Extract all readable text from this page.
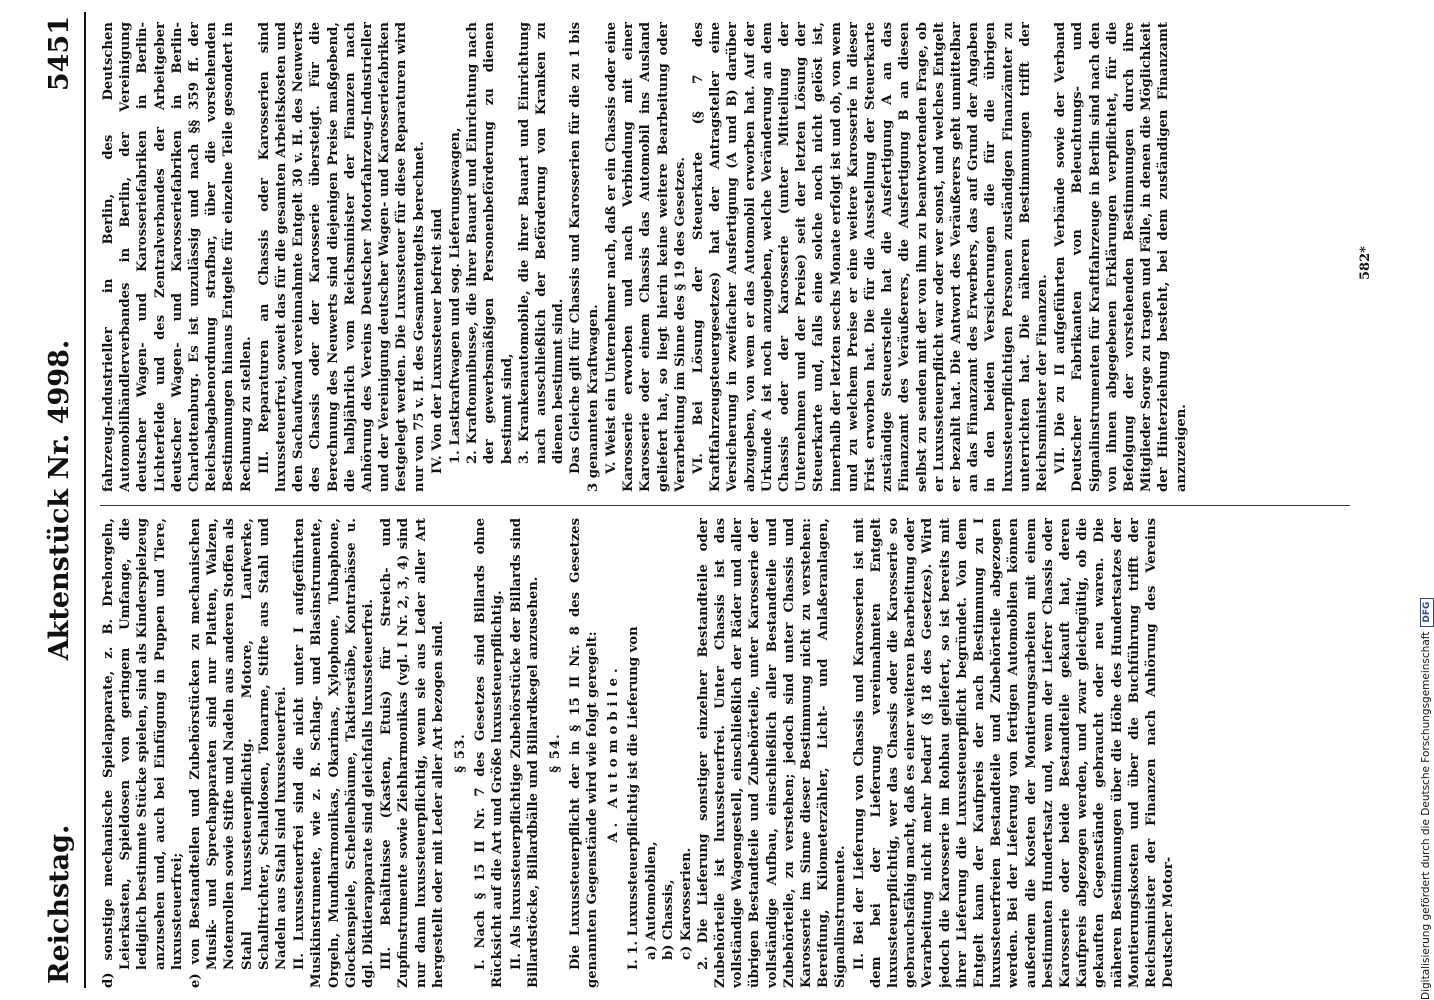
Reichstag.
Aktenstück Nr. 4998.
5451

d) sonstige mechanische Spielapparate, z. B. Drehorgeln, Leierkasten, Spieldosen von geringem Umfange, die lediglich bestimmte Stücke spielen, sind als Kinderspielzeug anzusehen und, auch bei Einfügung in Puppen und Tiere, luxussteuerfrei; e) von Bestandteilen und Zubehörstücken zu mechanischen Musik- und Sprechapparaten sind nur Platten, Walzen, Notenrollen sowie Stifte und Nadeln aus anderen Stoffen als Stahl luxussteuerpflichtig. Motore, Laufwerke, Schalltrichter, Schalldosen, Tonarme, Stifte aus Stahl und Nadeln aus Stahl sind luxussteuerfrei. II. Luxussteuerfrei sind die nicht unter I aufgeführten Musikinstrumente, wie z. B. Schlag- und Blasinstrumente, Orgeln, Mundharmonikas, Okarinas, Xylophone, Tubaphone, Glockenspiele, Schellenbäume, Taktierstäbe, Kontrabässe u. dgl. Diktierapparate sind gleichfalls luxussteuerfrei. III. Behältnisse (Kasten, Etuis) für Streich- und Zupfinstrumente sowie Ziehharmonikas (vgl. I Nr. 2, 3, 4) sind nur dann luxussteuerpflichtig, wenn sie aus Leder aller Art hergestellt oder mit Leder aller Art bezogen sind. § 53. I. Nach § 15 II Nr. 7 des Gesetzes sind Billards ohne Rücksicht auf die Art und Größe luxussteuerpflichtig. II. Als luxussteuerpflichtige Zubehörstücke der Billards sind Billardstöcke, Billardbälle und Billardkegel anzusehen. § 54. Die Luxussteuerpflicht der in § 15 II Nr. 8 des Gesetzes genannten Gegenstände wird wie folgt geregelt: A. Automobile. I. 1. Luxussteuerpflichtig ist die Lieferung von a) Automobilen, b) Chassis, c) Karosserien. 2. Die Lieferung sonstiger einzelner Bestandteile oder Zubehörteile ist luxussteuerfrei. Unter Chassis ist das vollständige Wagengestell, einschließlich der Räder und aller übrigen Bestandteile und Zubehörteile, unter Karosserie der vollständige Aufbau, einschließlich aller Bestandteile und Zubehörteile, zu verstehen; jedoch sind unter Chassis und Karosserie im Sinne dieser Bestimmung nicht zu verstehen: Bereifung, Kilometerzähler, Licht- und Anlaßeranlagen, Signalinstrumente. II. Bei der Lieferung von Chassis und Karosserien ist mit dem bei der Lieferung vereinnahmten Entgelt luxussteuerpflichtig, wer das Chassis oder die Karosserie so gebrauchsfähig macht, daß es einer weiteren Bearbeitung oder Verarbeitung nicht mehr bedarf (§ 18 des Gesetzes). Wird jedoch die Karosserie im Rohbau geliefert, so ist bereits mit ihrer Lieferung die Luxussteuerpflicht begründet. Von dem Entgelt kann der Kaufpreis der nach Bestimmung zu I luxussteuerfreien Bestandteile und Zubehörteile abgezogen werden. Bei der Lieferung von fertigen Automobilen können außerdem die Kosten der Montierungsarbeiten mit einem bestimmten Hundertsatz und, wenn der Liefrer Chassis oder Karosserie oder beide Bestandteile gekauft hat, deren Kaufpreis abgezogen werden, und zwar gleichgültig, ob die gekauften Gegenstände gebraucht oder neu waren. Die näheren Bestimmungen über die Höhe des Hundertsatzes der Montierungskosten und über die Buchführung trifft der Reichsminister der Finanzen nach Anhörung des Vereins Deutscher Motor-

fahrzeug-Industrieller in Berlin, des Deutschen Automobilhändlerverbandes in Berlin, der Vereinigung deutscher Wagen- und Karosseriefabriken in Berlin-Lichterfelde und des Zentralverbandes der Arbeitgeber deutscher Wagen- und Karosseriefabriken in Berlin-Charlottenburg. Es ist unzulässig und nach §§ 359 ff. der Reichsabgabenordnung strafbar, über die vorstehenden Bestimmungen hinaus Entgelte für einzelne Teile gesondert in Rechnung zu stellen. III. Reparaturen an Chassis oder Karosserien sind luxussteuerfrei, soweit das für die gesamten Arbeitskosten und den Sachaufwand vereinnahmte Entgelt 30 v. H. des Neuwerts des Chassis oder der Karosserie übersteigt. Für die Berechnung des Neuwerts sind diejenigen Preise maßgebend, die halbjährlich vom Reichsminister der Finanzen nach Anhörung des Vereins Deutscher Motorfahrzeug-Industrieller und der Vereinigung deutscher Wagen- und Karosseriefabriken festgelegt werden. Die Luxussteuer für diese Reparaturen wird nur von 75 v. H. des Gesamtentgelts berechnet. IV. Von der Luxussteuer befreit sind 1. Lastkraftwagen und sog. Lieferungswagen, 2. Kraftomnibusse, die ihrer Bauart und Einrichtung nach der gewerbsmäßigen Personenbeförderung zu dienen bestimmt sind, 3. Krankenautomobile, die ihrer Bauart und Einrichtung nach ausschließlich der Beförderung von Kranken zu dienen bestimmt sind. Das Gleiche gilt für Chassis und Karosserien für die zu 1 bis 3 genannten Kraftwagen. V. Weist ein Unternehmer nach, daß er ein Chassis oder eine Karosserie erworben und nach Verbindung mit einer Karosserie oder einem Chassis das Automobil ins Ausland geliefert hat, so liegt hierin keine weitere Bearbeitung oder Verarbeitung im Sinne des § 19 des Gesetzes. VI. Bei Lösung der Steuerkarte (§ 7 des Kraftfahrzeugsteuergesetzes) hat der Antragsteller eine Versicherung in zweifacher Ausfertigung (A und B) darüber abzugeben, von wem er das Automobil erworben hat. Auf der Urkunde A ist noch anzugeben, welche Veränderung an dem Chassis oder der Karosserie (unter Mitteilung der Unternehmen und der Preise) seit der letzten Lösung der Steuerkarte und, falls eine solche noch nicht gelöst ist, innerhalb der letzten sechs Monate erfolgt ist und ob, von wem und zu welchem Preise er eine weitere Karosserie in dieser Frist erworben hat. Die für die Ausstellung der Steuerkarte zuständige Steuerstelle hat die Ausfertigung A an das Finanzamt des Veräußerers, die Ausfertigung B an diesen selbst zu senden mit der von ihm zu beantwortenden Frage, ob er Luxussteuerpflicht war oder wer sonst, und welches Entgelt er bezahlt hat. Die Antwort des Veräußerers geht unmittelbar an das Finanzamt des Erwerbers, das auf Grund der Angaben in den beiden Versicherungen die für die übrigen luxussteuerpflichtigen Personen zuständigen Finanzämter zu unterrichten hat. Die näheren Bestimmungen trifft der Reichsminister der Finanzen. VII. Die zu II aufgeführten Verbände sowie der Verband Deutscher Fabrikanten von Beleuchtungs- und Signalinstrumenten für Kraftfahrzeuge in Berlin sind nach den von ihnen abgegebenen Erklärungen verpflichtet, für die Befolgung der vorstehenden Bestimmungen durch ihre Mitglieder Sorge zu tragen und Fälle, in denen die Möglichkeit der Hinterziehung besteht, bei dem zuständigen Finanzamt anzuzeigen.

582*
Digitalisierung gefördert durch die Deutsche ForschungsgemeinschaftDFG
